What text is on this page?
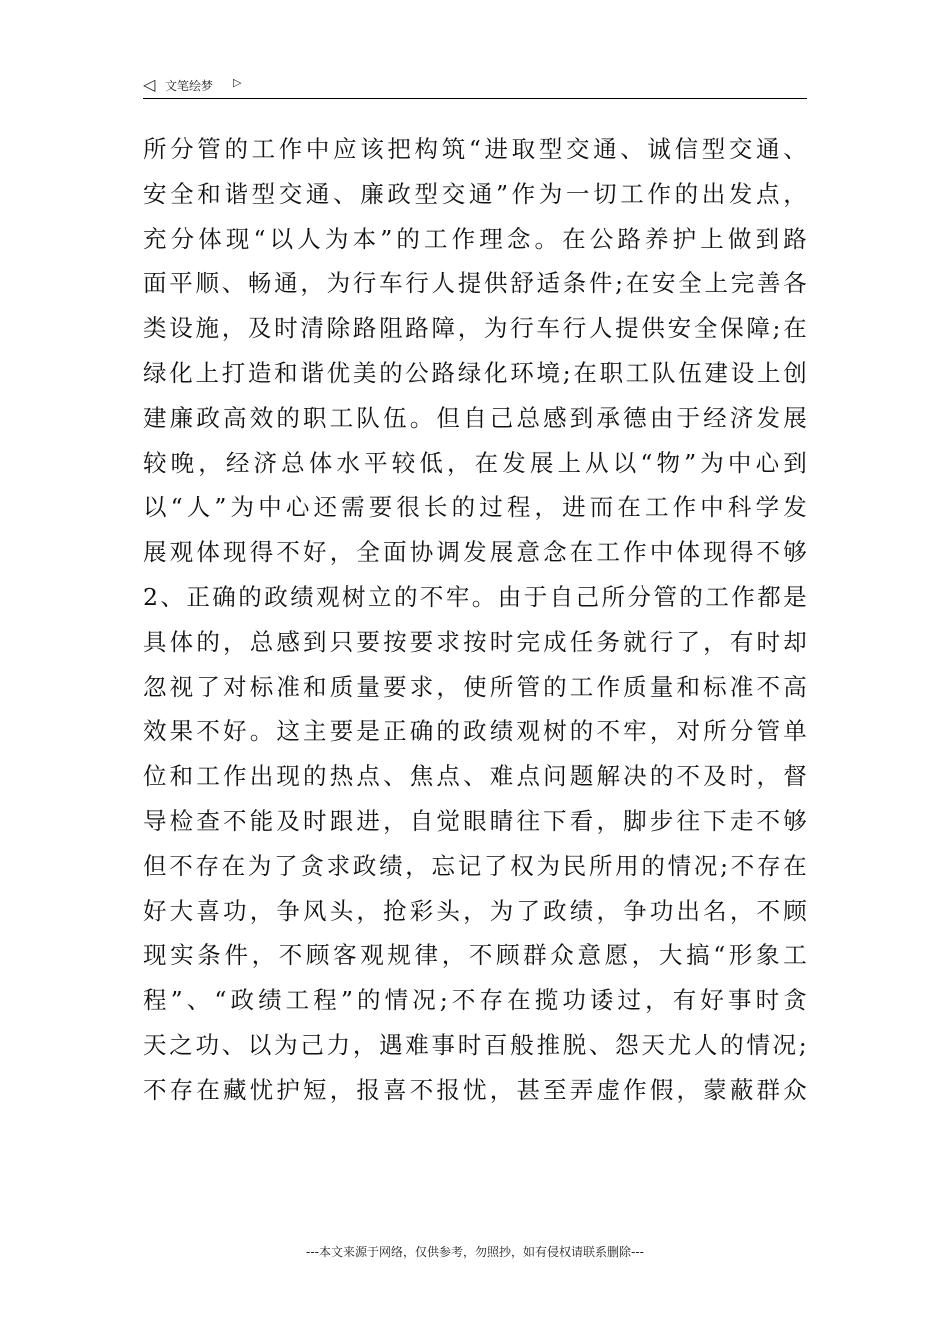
◁ 文笔绘梦 ▷
所分管的工作中应该把构筑“进取型交通、诚信型交通、
安全和谐型交通、廉政型交通”作为一切工作的出发点，
充分体现“以人为本”的工作理念。在公路养护上做到路
面平顺、畅通，为行车行人提供舒适条件;在安全上完善各
类设施，及时清除路阻路障，为行车行人提供安全保障;在
绿化上打造和谐优美的公路绿化环境;在职工队伍建设上创
建廉政高效的职工队伍。但自己总感到承德由于经济发展
较晚，经济总体水平较低，在发展上从以“物”为中心到
以“人”为中心还需要很长的过程，进而在工作中科学发
展观体现得不好，全面协调发展意念在工作中体现得不够
2、正确的政绩观树立的不牢。由于自己所分管的工作都是
具体的，总感到只要按要求按时完成任务就行了，有时却
忽视了对标准和质量要求，使所管的工作质量和标准不高
效果不好。这主要是正确的政绩观树的不牢，对所分管单
位和工作出现的热点、焦点、难点问题解决的不及时，督
导检查不能及时跟进，自觉眼睛往下看，脚步往下走不够
但不存在为了贪求政绩，忘记了权为民所用的情况;不存在
好大喜功，争风头，抢彩头，为了政绩，争功出名，不顾
现实条件，不顾客观规律，不顾群众意愿，大搞“形象工
程”、“政绩工程”的情况;不存在揽功诿过，有好事时贪
天之功、以为己力，遇难事时百般推脱、怨天尤人的情况;
不存在藏忧护短，报喜不报忧，甚至弄虚作假，蒙蔽群众
---本文来源于网络，仅供参考，勿照抄，如有侵权请联系删除---
